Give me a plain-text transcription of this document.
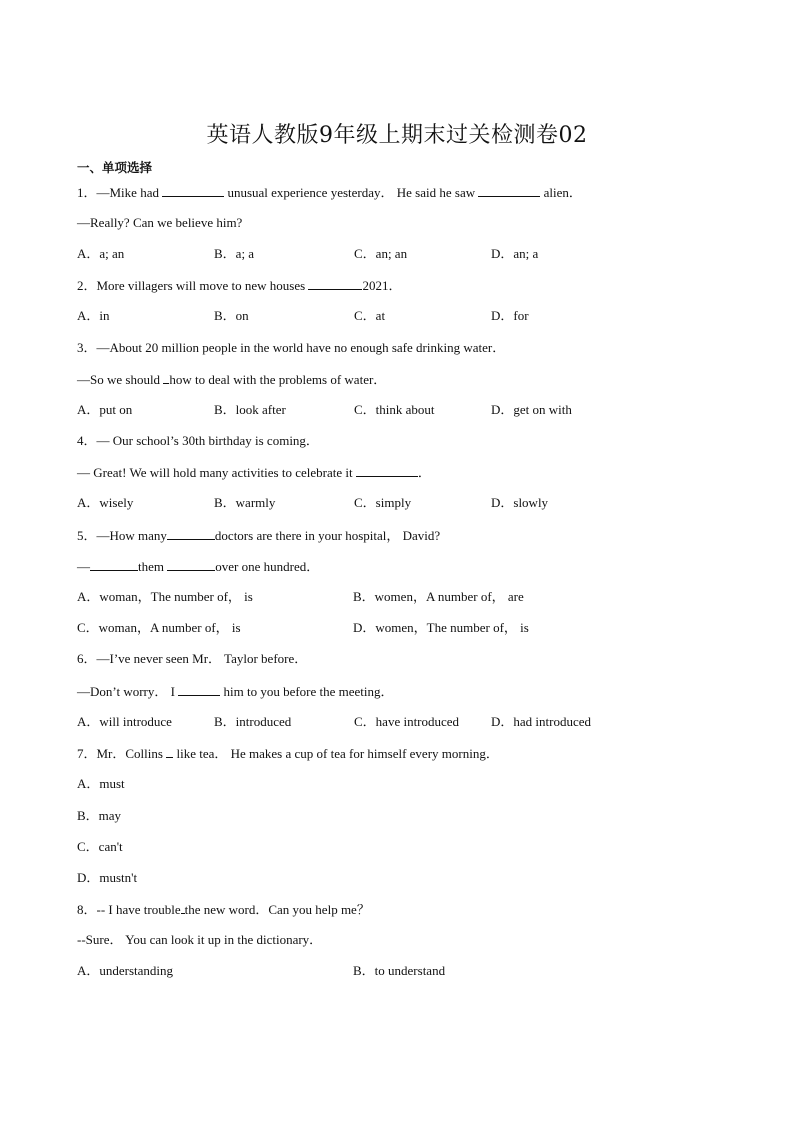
英语人教版9年级上期末过关检测卷02
一、单项选择
1．—Mike had	unusual experience yesterday． He said he saw	alien．
—Really? Can we believe him?
A．a; an	B．a; a	C．an; an	D．an; a
2．More villagers will move to new houses	2021．
A．in	B．on	C．at	D．for
3．—About 20 million people in the world have no enough safe drinking water．
—So we should how to deal with the problems of water．
A．put on	B．look after	C．think about	D．get on with
4．— Our school’s 30th birthday is coming．
— Great! We will hold many activities to celebrate it	．
A．wisely	B．warmly	C．simply	D．slowly
5．—How many	doctors are there in your hospital， David?
—	them	over one hundred．
A．woman，The number of， is	B．women，A number of， are
C．woman，A number of， is	D．women，The number of， is
6．—I’ve never seen Mr． Taylor before．
—Don’t worry． I	him to you before the meeting．
A．will introduce	B．introduced	C．have introduced D．had introduced
7．Mr．Collins like tea． He makes a cup of tea for himself every morning．
A．must
B．may
C．can't
D．mustn't
8．-- I have trouble the new word．Can you help me？
--Sure． You can look it up in the dictionary．
A．understanding	B．to understand
